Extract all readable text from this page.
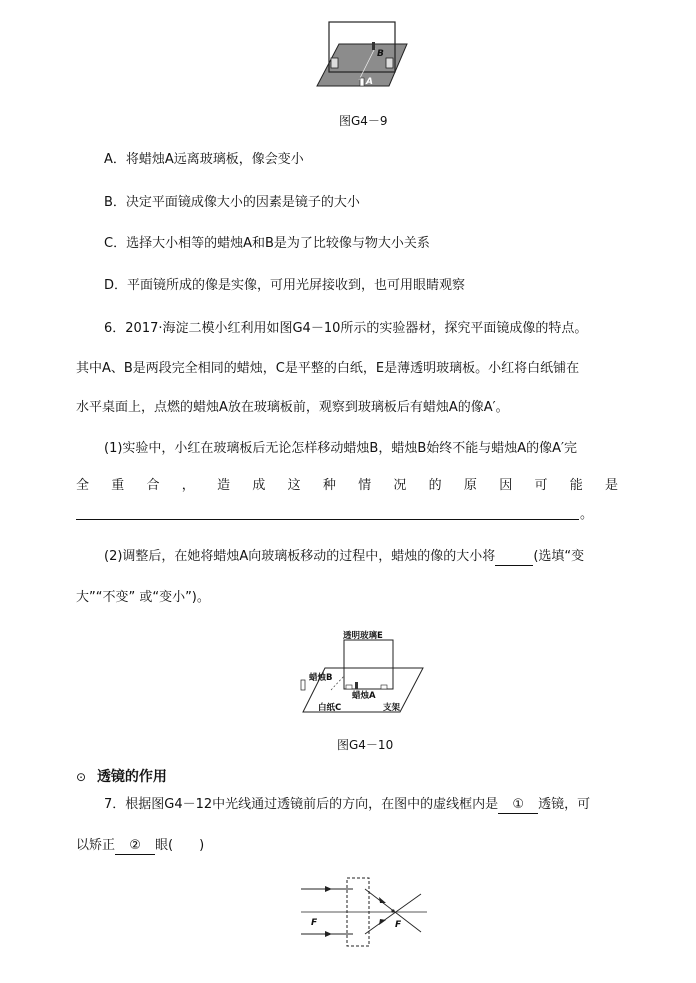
B
A
图G4－9
A．将蜡烛A远离玻璃板，像会变小
B．决定平面镜成像大小的因素是镜子的大小
C．选择大小相等的蜡烛A和B是为了比较像与物大小关系
D．平面镜所成的像是实像，可用光屏接收到，也可用眼睛观察
6．2017·海淀二模小红利用如图G4－10所示的实验器材，探究平面镜成像的特点。
其中A、B是两段完全相同的蜡烛，C是平整的白纸，E是薄透明玻璃板。小红将白纸铺在
水平桌面上，点燃的蜡烛A放在玻璃板前，观察到玻璃板后有蜡烛A的像A′。
(1)实验中，小红在玻璃板后无论怎样移动蜡烛B，蜡烛B始终不能与蜡烛A的像A′完
全 重 合 ， 造 成 这 种 情 况 的 原 因 可 能 是
。
(2)调整后，在她将蜡烛A向玻璃板移动的过程中，蜡烛的像的大小将	(选填“变
大”“不变” 或“变小”)。
透明玻璃E
蜡烛B
蜡烛A
白纸C	支架
图G4－10
⊙ 透镜的作用
7．根据图G4－12中光线通过透镜前后的方向，在图中的虚线框内是 ① 透镜，可
以矫正 ② 眼(　　)
F	F
